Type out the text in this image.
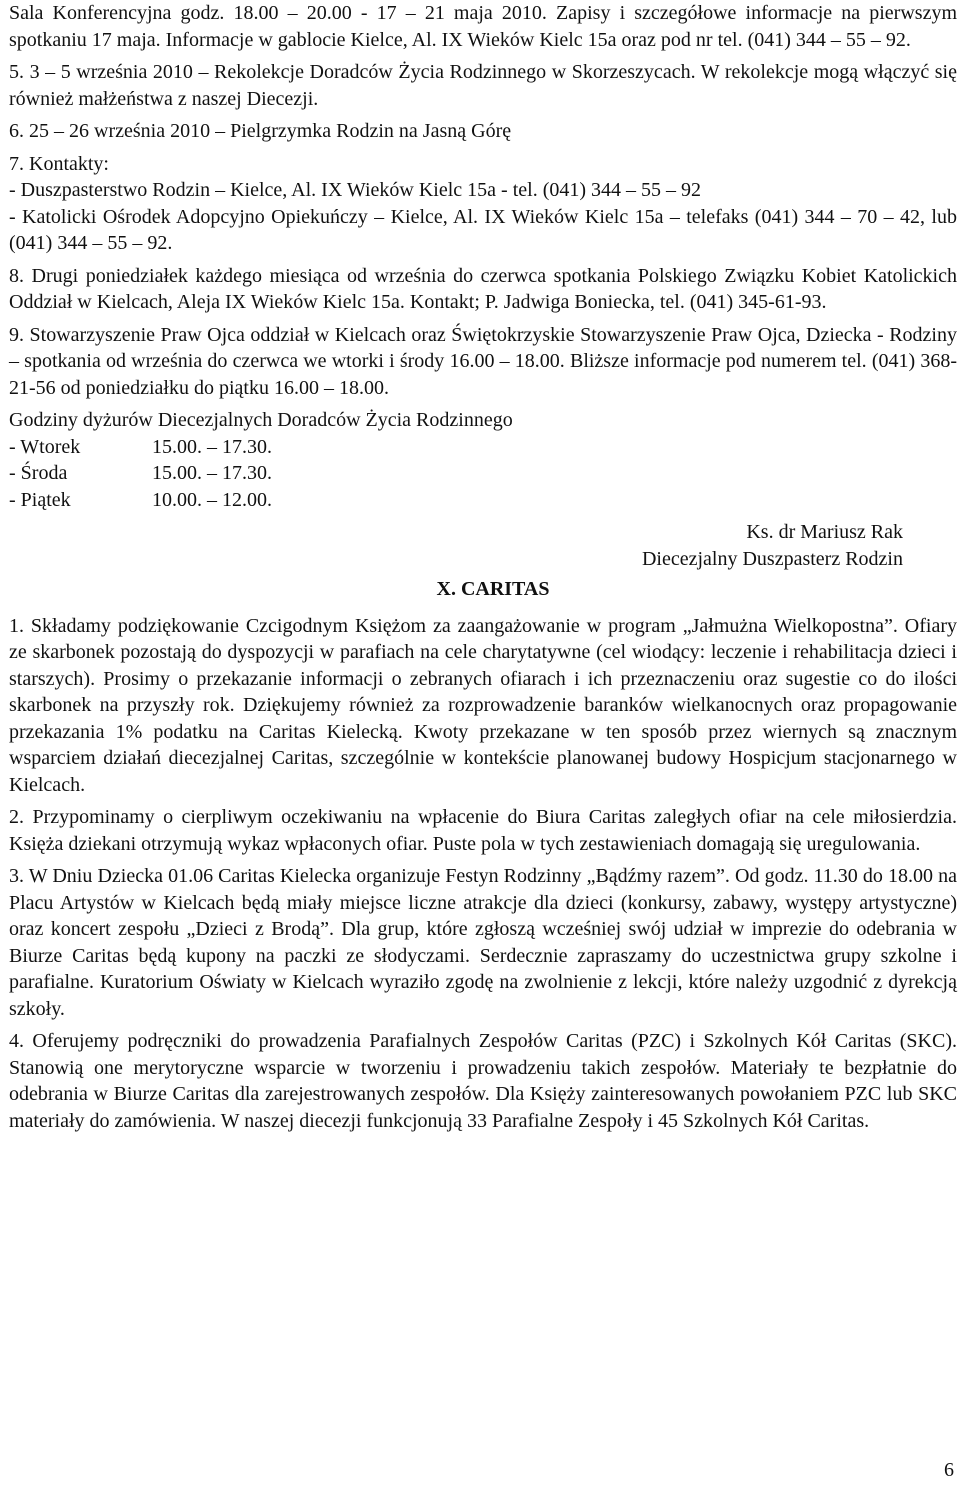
Sala Konferencyjna godz. 18.00 – 20.00 - 17 – 21 maja 2010. Zapisy i szczegółowe informacje na pierwszym spotkaniu 17 maja. Informacje w gablocie Kielce, Al. IX Wieków Kielc 15a oraz pod nr tel. (041) 344 – 55 – 92.

5. 3 – 5 września 2010 – Rekolekcje Doradców Życia Rodzinnego w Skorzeszycach. W rekolekcje mogą włączyć się również małżeństwa z naszej Diecezji.

6. 25 – 26 września 2010 – Pielgrzymka Rodzin na Jasną Górę

7. Kontakty:

- Duszpasterstwo Rodzin – Kielce, Al. IX Wieków Kielc 15a - tel. (041) 344 – 55 – 92

- Katolicki Ośrodek Adopcyjno Opiekuńczy – Kielce, Al. IX Wieków Kielc 15a – telefaks (041) 344 – 70 – 42, lub (041) 344 – 55 – 92.

8. Drugi poniedziałek każdego miesiąca od września do czerwca spotkania Polskiego Związku Kobiet Katolickich Oddział w Kielcach, Aleja IX Wieków Kielc 15a. Kontakt; P. Jadwiga Boniecka, tel. (041) 345-61-93.

9. Stowarzyszenie Praw Ojca oddział w Kielcach oraz Świętokrzyskie Stowarzyszenie Praw Ojca, Dziecka - Rodziny – spotkania od września do czerwca we wtorki i środy 16.00 – 18.00. Bliższe informacje pod numerem tel. (041) 368-21-56 od poniedziałku do piątku 16.00 – 18.00.

Godziny dyżurów Diecezjalnych Doradców Życia Rodzinnego

- Wtorek	15.00. – 17.30.
- Środa	15.00. – 17.30.
- Piątek	10.00. – 12.00.
Ks. dr Mariusz Rak
Diecezjalny Duszpasterz Rodzin
X. CARITAS

1. Składamy podziękowanie Czcigodnym Księżom za zaangażowanie w program „Jałmużna Wielkopostna”. Ofiary ze skarbonek pozostają do dyspozycji w parafiach na cele charytatywne (cel wiodący: leczenie i rehabilitacja dzieci i starszych). Prosimy o przekazanie informacji o zebranych ofiarach i ich przeznaczeniu oraz sugestie co do ilości skarbonek na przyszły rok. Dziękujemy również za rozprowadzenie baranków wielkanocnych oraz propagowanie przekazania 1% podatku na Caritas Kielecką. Kwoty przekazane w ten sposób przez wiernych są znacznym wsparciem działań diecezjalnej Caritas, szczególnie w kontekście planowanej budowy Hospicjum stacjonarnego w Kielcach.

2. Przypominamy o cierpliwym oczekiwaniu na wpłacenie do Biura Caritas zaległych ofiar na cele miłosierdzia. Księża dziekani otrzymują wykaz wpłaconych ofiar. Puste pola w tych zestawieniach domagają się uregulowania.

3. W Dniu Dziecka 01.06 Caritas Kielecka organizuje Festyn Rodzinny „Bądźmy razem”. Od godz. 11.30 do 18.00 na Placu Artystów w Kielcach będą miały miejsce liczne atrakcje dla dzieci (konkursy, zabawy, występy artystyczne) oraz koncert zespołu „Dzieci z Brodą”. Dla grup, które zgłoszą wcześniej swój udział w imprezie do odebrania w Biurze Caritas będą kupony na paczki ze słodyczami. Serdecznie zapraszamy do uczestnictwa grupy szkolne i parafialne. Kuratorium Oświaty w Kielcach wyraziło zgodę na zwolnienie z lekcji, które należy uzgodnić z dyrekcją szkoły.

4. Oferujemy podręczniki do prowadzenia Parafialnych Zespołów Caritas (PZC) i Szkolnych Kół Caritas (SKC). Stanowią one merytoryczne wsparcie w tworzeniu i prowadzeniu takich zespołów. Materiały te bezpłatnie do odebrania w Biurze Caritas dla zarejestrowanych zespołów. Dla Księży zainteresowanych powołaniem PZC lub SKC materiały do zamówienia. W naszej diecezji funkcjonują 33 Parafialne Zespoły i 45 Szkolnych Kół Caritas.

6
